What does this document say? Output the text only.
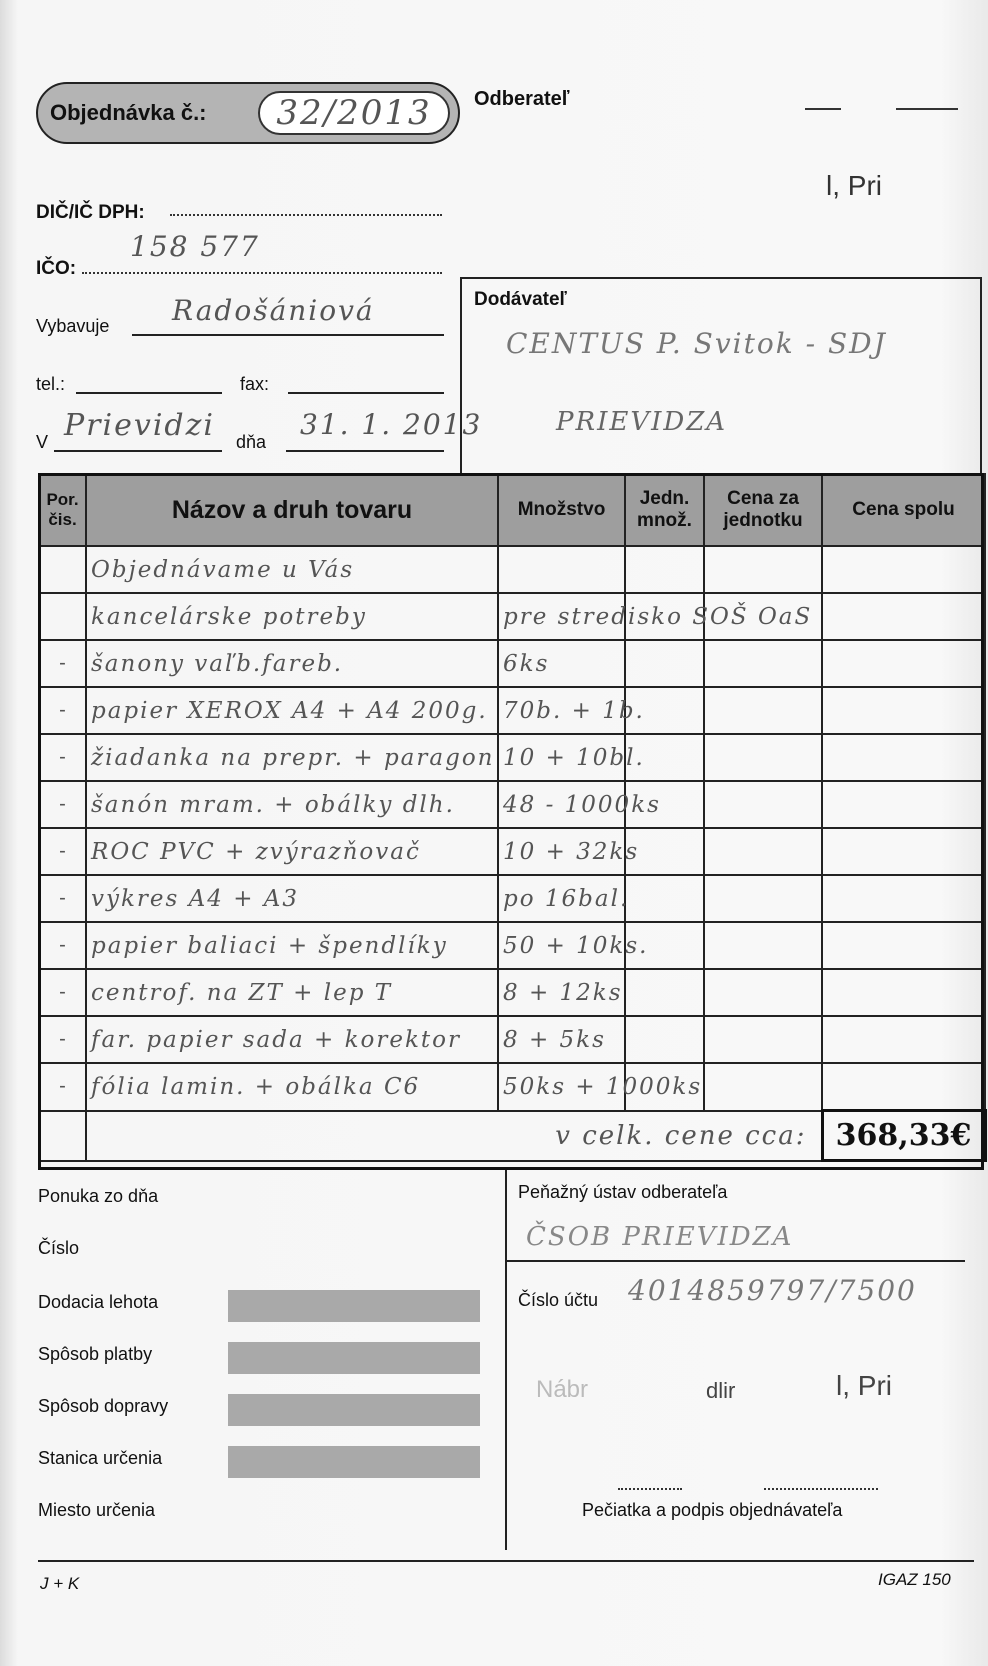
Objednávka č.:	32/2013	Odberateľ
l, Pri
DIČ/IČ DPH:
IČO:
158 577
Vybavuje Radošániová
tel.:	fax:
V Prievidzi dňa
31. 1. 2013
Dodávateľ
CENTUS P. Svitok - SDJ
PRIEVIDZA
Por. čis.	Názov a druh tovaru	Množstvo	Jedn. množ.	Cena za jednotku	Cena spolu
	Objednávame u Vás				
	kancelárske potreby	pre stredisko SOŠ OaS			
-	šanony vaľb.fareb.	6ks			
-	papier XEROX A4 + A4 200g.	70b. + 1b.			
-	žiadanka na prepr. + paragon	10 + 10bl.			
-	šanón mram. + obálky dlh.	48 - 1000ks			
-	ROC PVC + zvýrazňovač	10 + 32ks			
-	výkres A4 + A3	po 16bal.			
-	papier baliaci + špendlíky	50 + 10ks.			
-	centrof. na ZT + lep T	8 + 12ks			
-	far. papier sada + korektor	8 + 5ks			
-	fólia lamin. + obálka C6	50ks + 1000ks			
	v celk. cene cca:				368,33€
Ponuka zo dňa
Číslo
Dodacia lehota
Spôsob platby
Spôsob dopravy
Stanica určenia
Miesto určenia
Peňažný ústav odberateľa
ČSOB PRIEVIDZA
Číslo účtu 4014859797/7500
Nábr	dlir	l, Pri
Pečiatka a podpis objednávateľa
J + K	IGAZ 150
